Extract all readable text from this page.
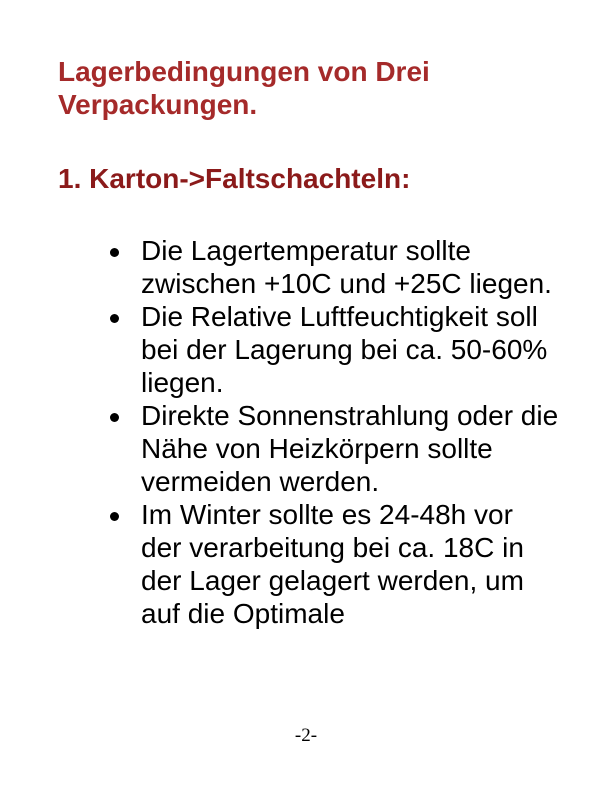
Lagerbedingungen von Drei Verpackungen.
1. Karton->Faltschachteln:
Die Lagertemperatur sollte zwischen +10C und +25C liegen.
Die Relative Luftfeuchtigkeit soll bei der Lagerung bei ca. 50-60% liegen.
Direkte Sonnenstrahlung oder die Nähe von Heizkörpern sollte vermeiden werden.
Im Winter sollte es 24-48h vor der verarbeitung bei ca. 18C in der Lager gelagert werden, um auf die Optimale
-2-
